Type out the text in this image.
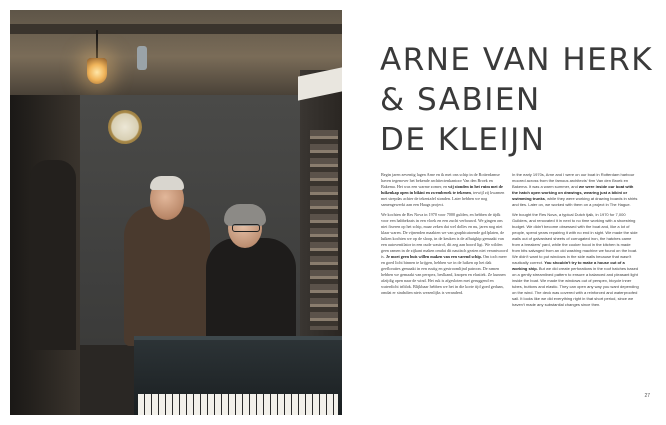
ARNE VAN HERK
& SABIEN
DE KLEIJN

Begin jaren zeventig lagen Arne en ik met ons schip in de Rotterdamse haven tegenover het bekende architectenkantoor Van den Broek en Bakema. Het was een warme zomer, en wij stonden in het ruim met de luikenkap open in bikini en zwembroek te tekenen, terwijl zij kwamen met strepdas achter de tekentafel stonden. Later hebben we nog samengewerkt aan een Haags project.

We kochten de Res Nova in 1970 voor 7000 gulden, en hebben de tijdk voor een habbekrats in een vloek en een zucht verbouwd. We gingen ons niet fixeren op het schip, maar zeken dat wel dolles en nu, jaren nog niet klaar waren. De vijnenden maakten we van graphicatoende golfplaten, de luiken kochten we op de sloop, in de keuken is de afhuigkip gemaakt van een autoventilator in een oude wastrol, dit zeg aan boord ligt. We wilden geen ramen in de zijkant maken omdat dit nautisch gezien niet verantwoord is. Je moet geen huis willen maken van een varend schip. Om toch meer en goed licht binnen te krijgen, hebben we in de luiken op het dak geeflorattes gemaakt in een rustig en gestroomlijnd patroon. De ramen hebben we gemaakt van perspex, beslkand, knopen en elastiek. Ze kunnen afzijdig open naar de wind. Het ruk is afgesloten met geruggend en waterdicht triblok. Blijkbaar hebben we het in die korte tijd goed gedaan, omdat er sindsdien niets wezenlijks is veranderd.

In the early 1970s, Arne and I were on our boat in Rotterdam harbour moored across from the famous architects' firm Van den Broek en Bakema. It was a warm summer, and we were inside our boat with the hatch open working on drawings, wearing just a bikini or swimming trunks, while they were working at drawing boards in shirts and ties. Later on, we worked with them on a project in The Hague.

We bought the Res Nova, a typical Dutch tjalk, in 1970 for 7,000 Guilders, and renovated it in next to no time working with a shoestring budget. We didn't become obsessed with the boat and, like a lot of people, spend years repairing it with no end in sight. We made the side walls out of galvanised sheets of corrugated iron, the hatches came from a breakers' yard, while the cooker hood in the kitchen is made from bits salvaged from an old washing machine we found on the boat. We didn't want to put windows in the side walls because that wasn't nautically correct. You shouldn't try to make a house out of a working ship. But we did create perforations in the roof hatches based on a gently streamlined pattern to ensure a balanced and pleasant light inside the boat. We made the windows out of perspex, bicycle inner tubes, buttons and elastic. They can open any way you want depending on the wind. The deck was covered with a reinforced and waterproofed sail. It looks like we did everything right in that short period, since we haven't made any substantial changes since then.

27
